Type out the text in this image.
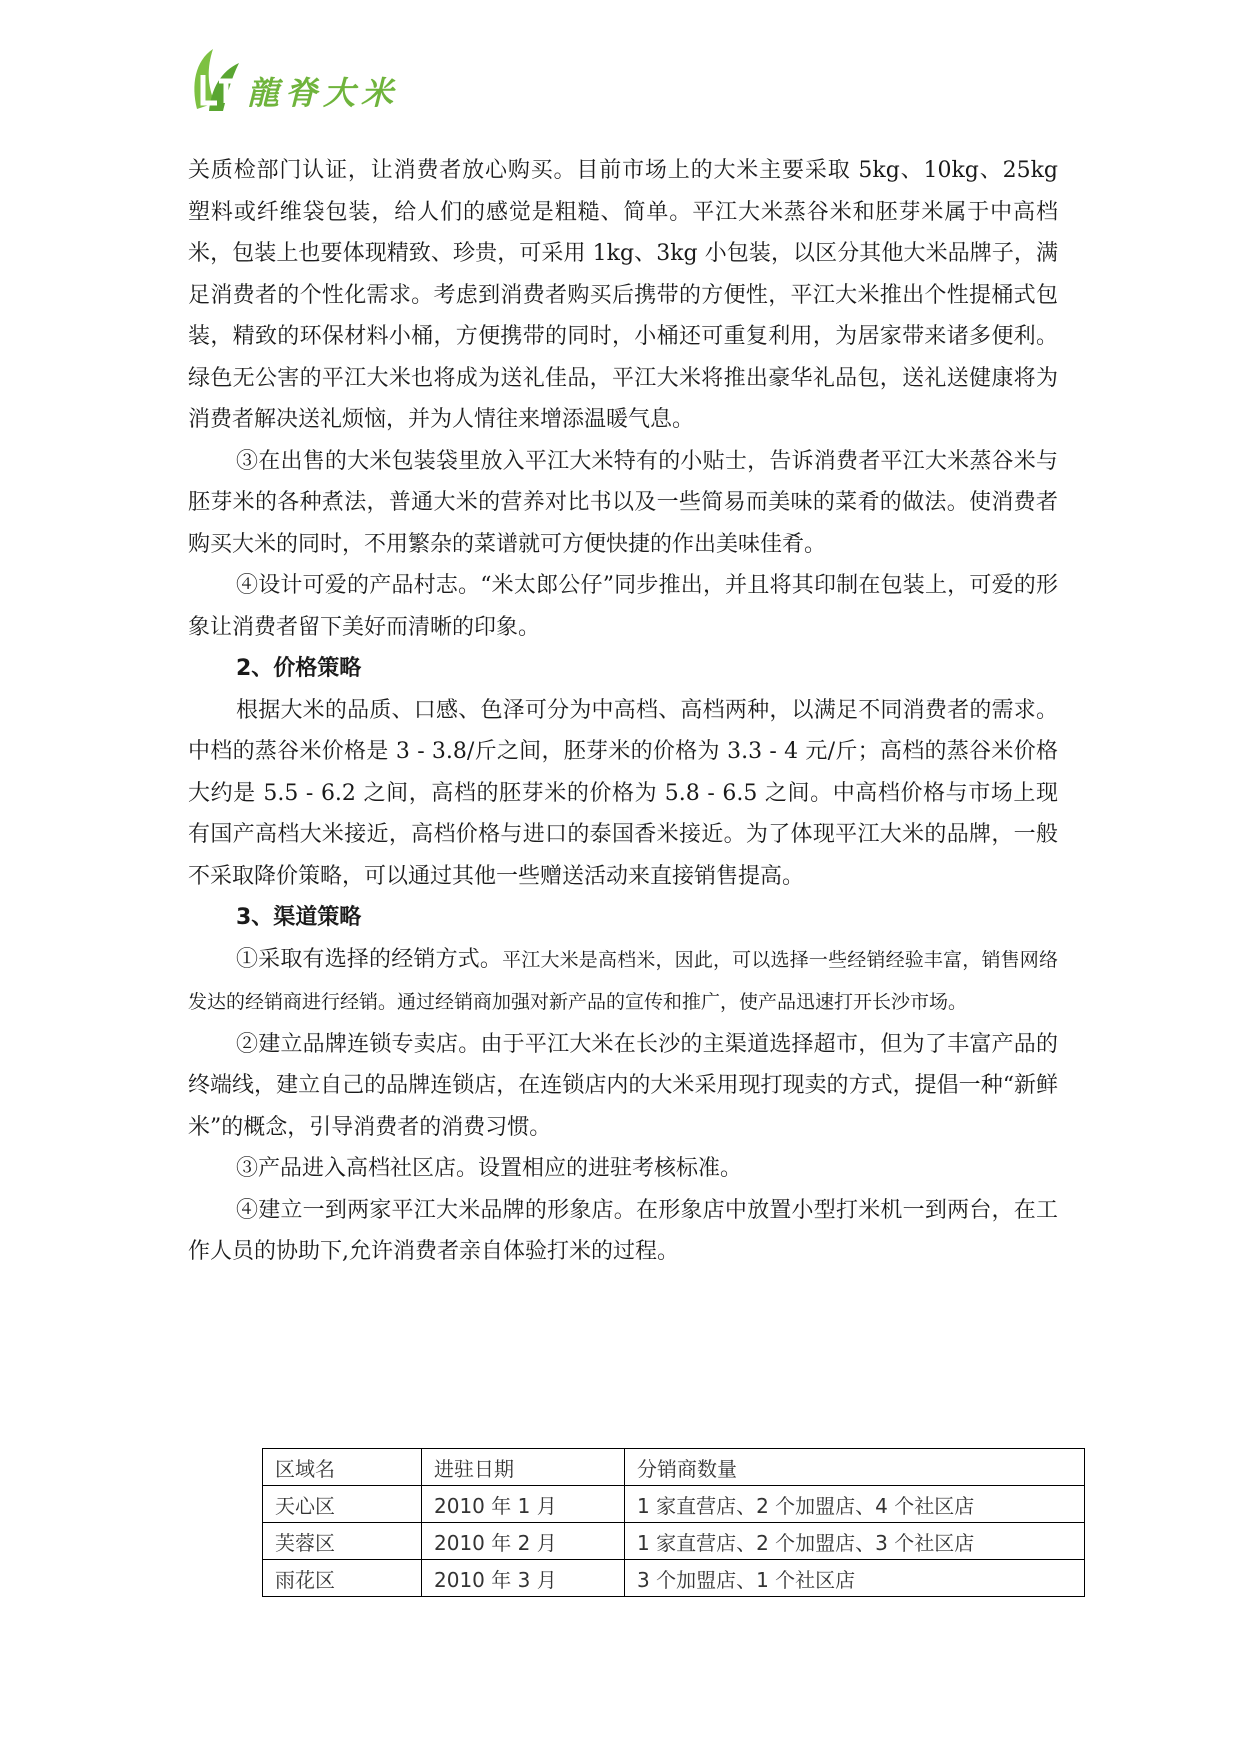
龍脊大米

关质检部门认证，让消费者放心购买。目前市场上的大米主要采取 5kg、10kg、25kg 塑料或纤维袋包装，给人们的感觉是粗糙、简单。平江大米蒸谷米和胚芽米属于中高档米，包装上也要体现精致、珍贵，可采用 1kg、3kg 小包装，以区分其他大米品牌子，满足消费者的个性化需求。考虑到消费者购买后携带的方便性，平江大米推出个性提桶式包装，精致的环保材料小桶，方便携带的同时，小桶还可重复利用，为居家带来诸多便利。绿色无公害的平江大米也将成为送礼佳品，平江大米将推出豪华礼品包，送礼送健康将为消费者解决送礼烦恼，并为人情往来增添温暖气息。

③在出售的大米包装袋里放入平江大米特有的小贴士，告诉消费者平江大米蒸谷米与胚芽米的各种煮法，普通大米的营养对比书以及一些简易而美味的菜肴的做法。使消费者购买大米的同时，不用繁杂的菜谱就可方便快捷的作出美味佳肴。

④设计可爱的产品村志。“米太郎公仔”同步推出，并且将其印制在包装上，可爱的形象让消费者留下美好而清晰的印象。

2、价格策略

根据大米的品质、口感、色泽可分为中高档、高档两种，以满足不同消费者的需求。中档的蒸谷米价格是 3 - 3.8/斤之间，胚芽米的价格为 3.3 - 4 元/斤；高档的蒸谷米价格大约是 5.5 - 6.2 之间，高档的胚芽米的价格为 5.8 - 6.5 之间。中高档价格与市场上现有国产高档大米接近，高档价格与进口的泰国香米接近。为了体现平江大米的品牌，一般不采取降价策略，可以通过其他一些赠送活动来直接销售提高。

3、渠道策略

①采取有选择的经销方式。平江大米是高档米，因此，可以选择一些经销经验丰富，销售网络发达的经销商进行经销。通过经销商加强对新产品的宣传和推广，使产品迅速打开长沙市场。

②建立品牌连锁专卖店。由于平江大米在长沙的主渠道选择超市，但为了丰富产品的终端线，建立自己的品牌连锁店，在连锁店内的大米采用现打现卖的方式，提倡一种“新鲜米”的概念，引导消费者的消费习惯。

③产品进入高档社区店。设置相应的进驻考核标准。

④建立一到两家平江大米品牌的形象店。在形象店中放置小型打米机一到两台，在工作人员的协助下,允许消费者亲自体验打米的过程。

区域名	进驻日期	分销商数量
天心区	2010 年 1 月	1 家直营店、2 个加盟店、4 个社区店
芙蓉区	2010 年 2 月	1 家直营店、2 个加盟店、3 个社区店
雨花区	2010 年 3 月	3 个加盟店、1 个社区店
